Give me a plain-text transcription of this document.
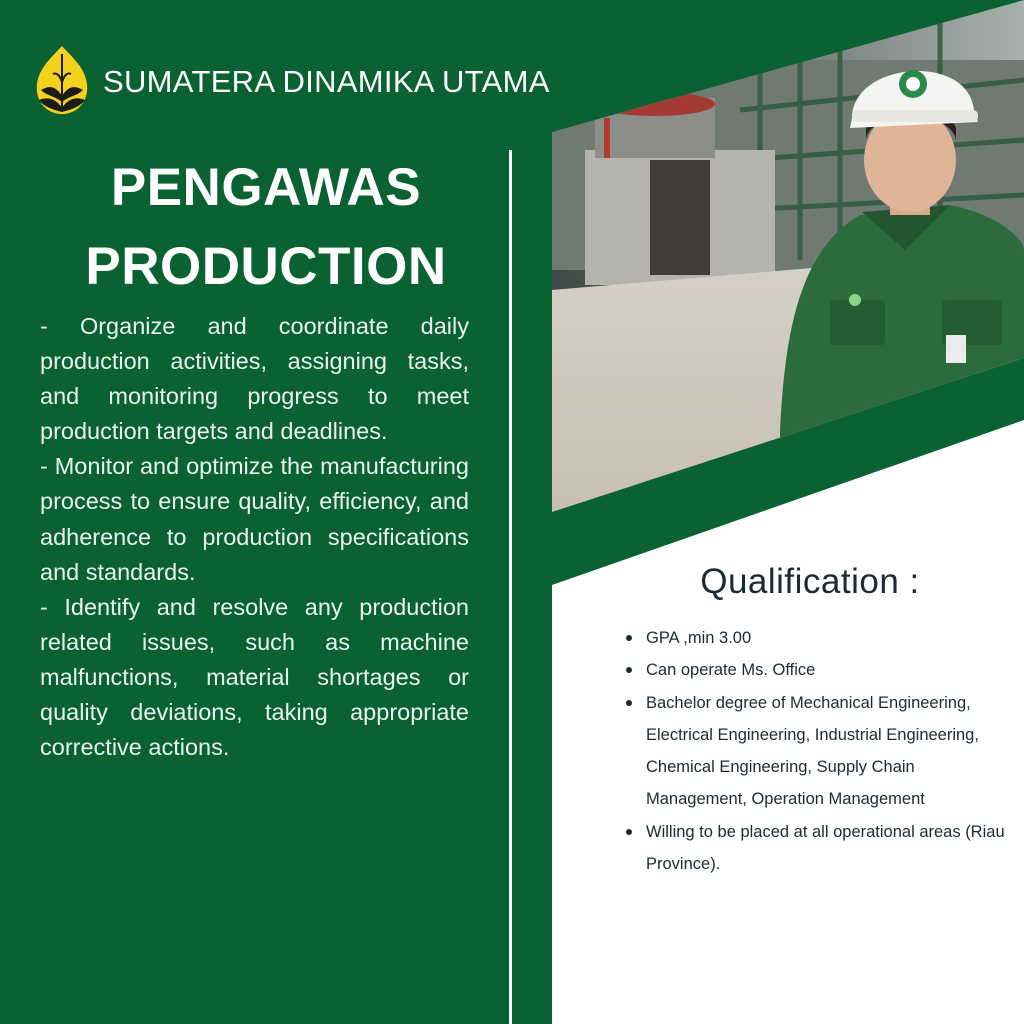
SUMATERA DINAMIKA UTAMA
PENGAWAS
PRODUCTION

- Organize and coordinate daily production activities, assigning tasks, and monitoring progress to meet production targets and deadlines.

- Monitor and optimize the manufacturing process to ensure quality, efficiency, and adherence to production specifications and standards.

- Identify and resolve any production related issues, such as machine malfunctions, material shortages or quality deviations, taking appropriate corrective actions.

Qualification :
GPA ,min 3.00
Can operate Ms. Office
Bachelor degree of Mechanical Engineering, Electrical Engineering, Industrial Engineering, Chemical Engineering, Supply Chain Management, Operation Management
Willing to be placed at all operational areas (Riau Province).
